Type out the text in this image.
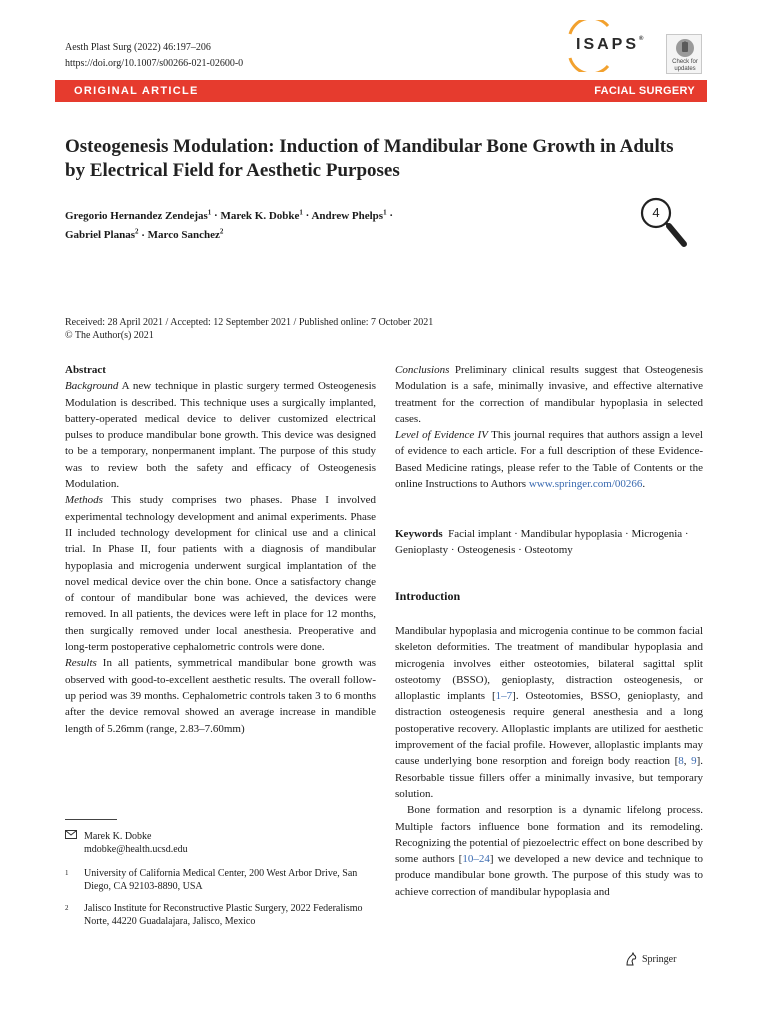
Aesth Plast Surg (2022) 46:197–206
https://doi.org/10.1007/s00266-021-02600-0
ISAPS®
Check for
updates
ORIGINAL ARTICLE	FACIAL SURGERY
Osteogenesis Modulation: Induction of Mandibular Bone Growth in Adults by Electrical Field for Aesthetic Purposes
Gregorio Hernandez Zendejas$^1$ · Marek K. Dobke$^1$ · Andrew Phelps$^1$ ·
Gabriel Planas$^2$ · Marco Sanchez$^2$
4
Received: 28 April 2021 / Accepted: 12 September 2021 / Published online: 7 October 2021
© The Author(s) 2021
Abstract
Background A new technique in plastic surgery termed Osteogenesis Modulation is described. This technique uses a surgically implanted, battery-operated medical device to deliver customized electrical pulses to produce mandibular bone growth. This device was designed to be a temporary, nonpermanent implant. The purpose of this study was to review both the safety and efficacy of Osteogenesis Modulation.
Methods This study comprises two phases. Phase I involved experimental technology development and animal experiments. Phase II included technology development for clinical use and a clinical trial. In Phase II, four patients with a diagnosis of mandibular hypoplasia and microgenia underwent surgical implantation of the novel medical device over the chin bone. Once a satisfactory change of contour of mandibular bone was achieved, the devices were removed. In all patients, the devices were left in place for 12 months, then surgically removed under local anesthesia. Preoperative and long-term postoperative cephalometric controls were done.
Results In all patients, symmetrical mandibular bone growth was observed with good-to-excellent aesthetic results. The overall follow-up period was 39 months. Cephalometric controls taken 3 to 6 months after the device removal showed an average increase in mandible length of 5.26mm (range, 2.83–7.60mm)
Conclusions Preliminary clinical results suggest that Osteogenesis Modulation is a safe, minimally invasive, and effective alternative treatment for the correction of mandibular hypoplasia in selected cases.
Level of Evidence IV This journal requires that authors assign a level of evidence to each article. For a full description of these Evidence-Based Medicine ratings, please refer to the Table of Contents or the online Instructions to Authors www.springer.com/00266.
Keywords Facial implant · Mandibular hypoplasia · Microgenia · Genioplasty · Osteogenesis · Osteotomy
Introduction

Mandibular hypoplasia and microgenia continue to be common facial skeleton deformities. The treatment of mandibular hypoplasia and microgenia involves either osteotomies, bilateral sagittal split osteotomy (BSSO), genioplasty, distraction osteogenesis, or alloplastic implants [1–7]. Osteotomies, BSSO, genioplasty, and distraction osteogenesis require general anesthesia and a long postoperative recovery. Alloplastic implants are utilized for aesthetic improvement of the facial profile. However, alloplastic implants may cause underlying bone resorption and foreign body reaction [8, 9]. Resorbable tissue fillers offer a minimally invasive, but temporary solution.

Bone formation and resorption is a dynamic lifelong process. Multiple factors influence bone formation and its remodeling. Recognizing the potential of piezoelectric effect on bone described by some authors [10–24] we developed a new device and technique to produce mandibular bone growth. The purpose of this study was to achieve correction of mandibular hypoplasia and

Marek K. Dobke
mdobke@health.ucsd.edu
1 University of California Medical Center, 200 West Arbor Drive, San Diego, CA 92103-8890, USA
2 Jalisco Institute for Reconstructive Plastic Surgery, 2022 Federalismo Norte, 44220 Guadalajara, Jalisco, Mexico
Springer
